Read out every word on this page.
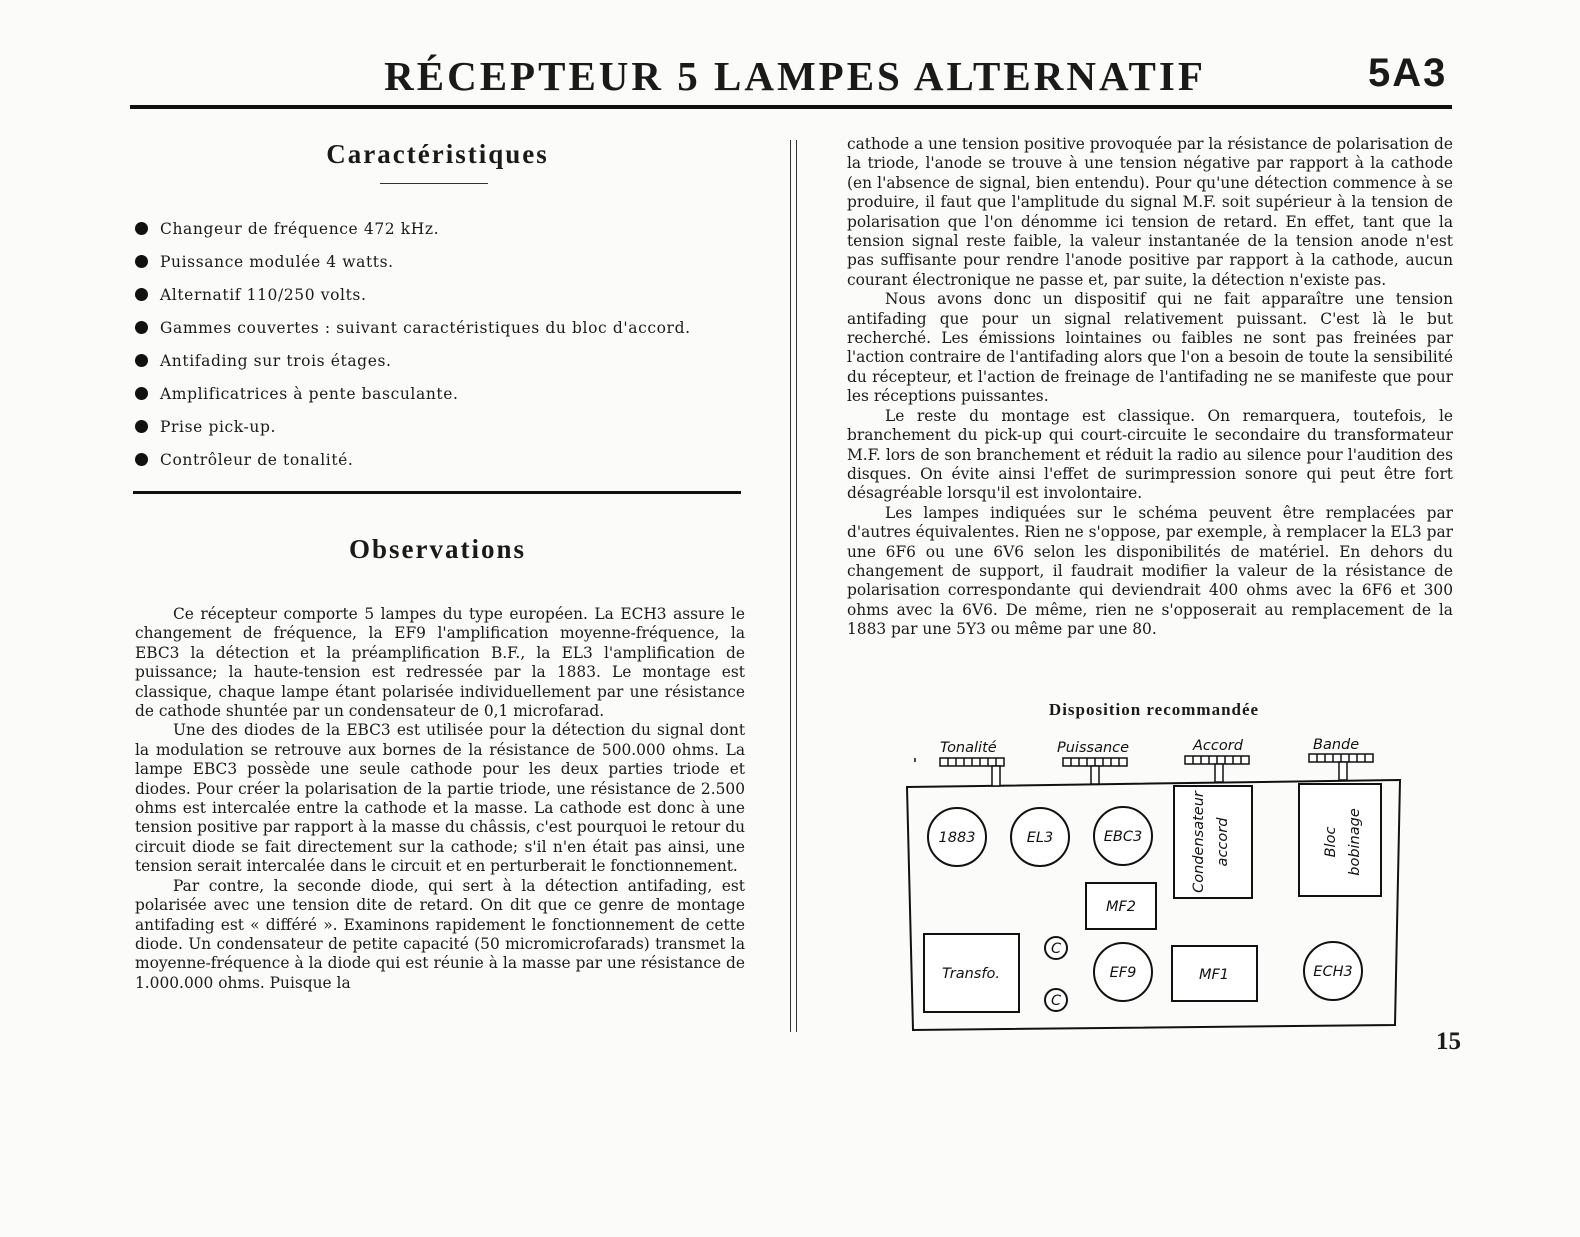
RÉCEPTEUR 5 LAMPES ALTERNATIF	5A3
Caractéristiques
Changeur de fréquence 472 kHz.
Puissance modulée 4 watts.
Alternatif 110/250 volts.
Gammes couvertes : suivant caractéristiques du bloc d'accord.
Antifading sur trois étages.
Amplificatrices à pente basculante.
Prise pick-up.
Contrôleur de tonalité.
Observations

Ce récepteur comporte 5 lampes du type européen. La ECH3 assure le changement de fréquence, la EF9 l'amplification moyenne-fréquence, la EBC3 la détection et la préamplification B.F., la EL3 l'amplification de puissance; la haute-tension est redressée par la 1883. Le montage est classique, chaque lampe étant polarisée individuellement par une résistance de cathode shuntée par un condensateur de 0,1 microfarad.

Une des diodes de la EBC3 est utilisée pour la détection du signal dont la modulation se retrouve aux bornes de la résistance de 500.000 ohms. La lampe EBC3 possède une seule cathode pour les deux parties triode et diodes. Pour créer la polarisation de la partie triode, une résistance de 2.500 ohms est intercalée entre la cathode et la masse. La cathode est donc à une tension positive par rapport à la masse du châssis, c'est pourquoi le retour du circuit diode se fait directement sur la cathode; s'il n'en était pas ainsi, une tension serait intercalée dans le circuit et en perturberait le fonctionnement.

Par contre, la seconde diode, qui sert à la détection antifading, est polarisée avec une tension dite de retard. On dit que ce genre de montage antifading est « différé ». Examinons rapidement le fonctionnement de cette diode. Un condensateur de petite capacité (50 micromicrofarads) transmet la moyenne-fréquence à la diode qui est réunie à la masse par une résistance de 1.000.000 ohms. Puisque la

cathode a une tension positive provoquée par la résistance de polarisation de la triode, l'anode se trouve à une tension négative par rapport à la cathode (en l'absence de signal, bien entendu). Pour qu'une détection commence à se produire, il faut que l'amplitude du signal M.F. soit supérieur à la tension de polarisation que l'on dénomme ici tension de retard. En effet, tant que la tension signal reste faible, la valeur instantanée de la tension anode n'est pas suffisante pour rendre l'anode positive par rapport à la cathode, aucun courant électronique ne passe et, par suite, la détection n'existe pas.

Nous avons donc un dispositif qui ne fait apparaître une tension antifading que pour un signal relativement puissant. C'est là le but recherché. Les émissions lointaines ou faibles ne sont pas freinées par l'action contraire de l'antifading alors que l'on a besoin de toute la sensibilité du récepteur, et l'action de freinage de l'antifading ne se manifeste que pour les réceptions puissantes.

Le reste du montage est classique. On remarquera, toutefois, le branchement du pick-up qui court-circuite le secondaire du transformateur M.F. lors de son branchement et réduit la radio au silence pour l'audition des disques. On évite ainsi l'effet de surimpression sonore qui peut être fort désagréable lorsqu'il est involontaire.

Les lampes indiquées sur le schéma peuvent être remplacées par d'autres équivalentes. Rien ne s'oppose, par exemple, à remplacer la EL3 par une 6F6 ou une 6V6 selon les disponibilités de matériel. En dehors du changement de support, il faudrait modifier la valeur de la résistance de polarisation correspondante qui deviendrait 400 ohms avec la 6F6 et 300 ohms avec la 6V6. De même, rien ne s'opposerait au remplacement de la 1883 par une 5Y3 ou même par une 80.

Disposition recommandée
Tonalité	Puissance	Accord	Bande
1883	EL3	EBC3
EF9	ECH3
C
C
MF2
MF1
Transfo.
Condensateur accord	Bloc bobinage
15
